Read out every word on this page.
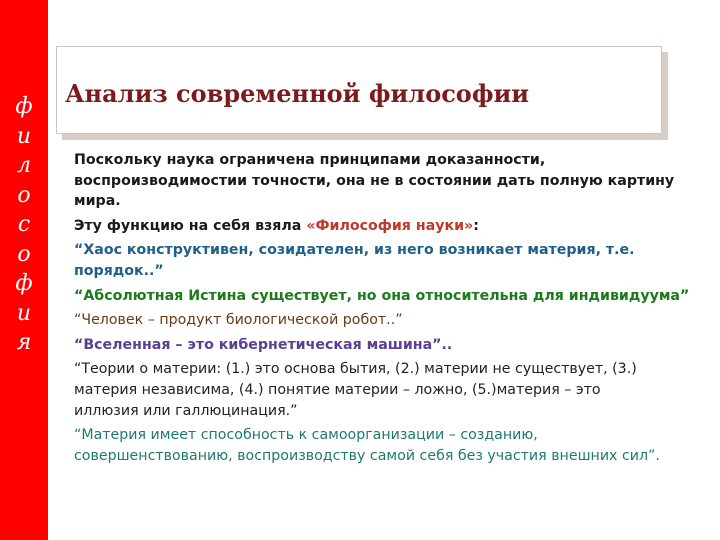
ф
и
л
о
с
о
ф
и
я
Анализ современной философии

Поскольку наука ограничена принципами доказанности,
воспроизводимостии точности, она не в состоянии дать полную картину
мира.

Эту функцию на себя взяла «Философия науки»:

“Хаос конструктивен, созидателен, из него возникает материя, т.е.
порядок..”

“Абсолютная Истина существует, но она относительна для индивидуума”

“Человек – продукт биологической робот..”

“Вселенная – это кибернетическая машина”..

“Теории о материи: (1.) это основа бытия, (2.) материи не существует, (3.)
материя независима, (4.) понятие материи – ложно, (5.)материя – это
иллюзия или галлюцинация.”

“Материя имеет способность к самоорганизации – созданию,
совершенствованию, воспроизводству самой себя без участия внешних сил”.
